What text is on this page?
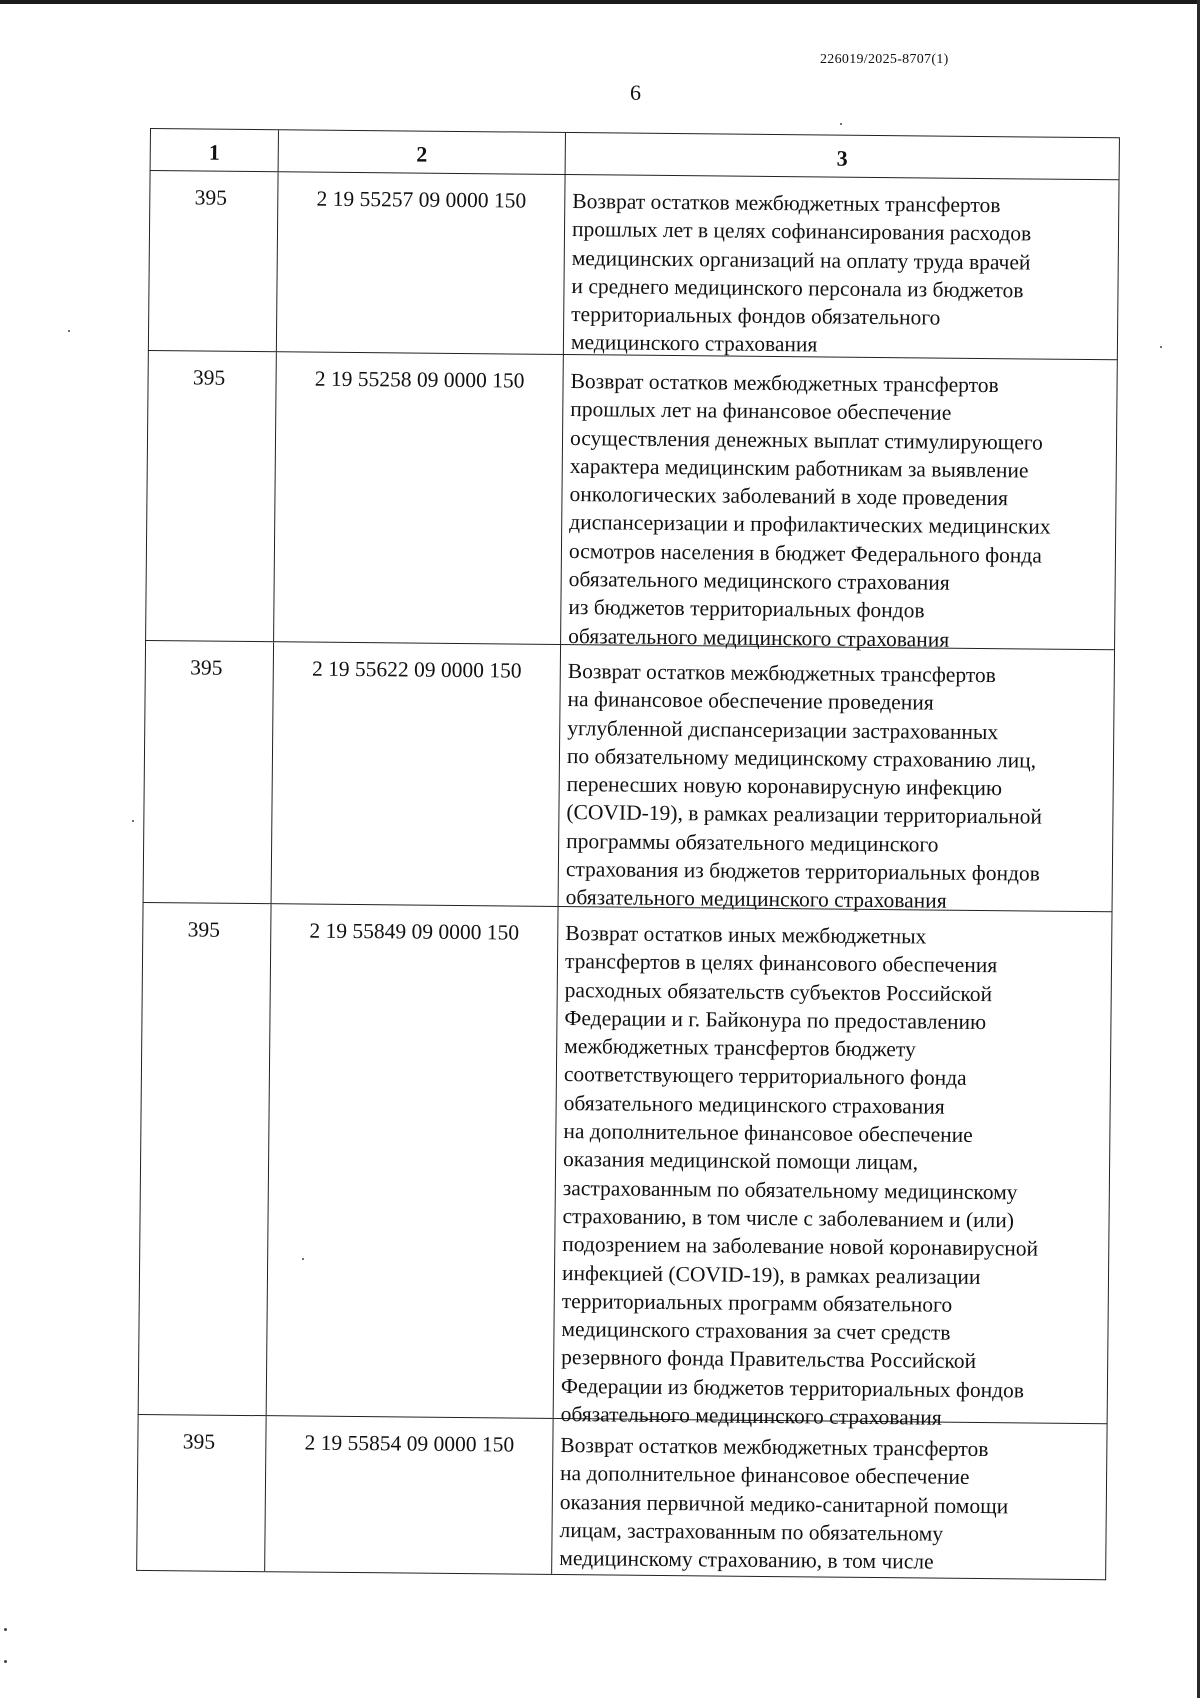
226019/2025-8707(1)
6
1	2	3
395	2 19 55257 09 0000 150	Возврат остатков межбюджетных трансфертов
прошлых лет в целях софинансирования расходов
медицинских организаций на оплату труда врачей
и среднего медицинского персонала из бюджетов
территориальных фондов обязательного
медицинского страхования
395	2 19 55258 09 0000 150	Возврат остатков межбюджетных трансфертов
прошлых лет на финансовое обеспечение
осуществления денежных выплат стимулирующего
характера медицинским работникам за выявление
онкологических заболеваний в ходе проведения
диспансеризации и профилактических медицинских
осмотров населения в бюджет Федерального фонда
обязательного медицинского страхования
из бюджетов территориальных фондов
обязательного медицинского страхования
395	2 19 55622 09 0000 150	Возврат остатков межбюджетных трансфертов
на финансовое обеспечение проведения
углубленной диспансеризации застрахованных
по обязательному медицинскому страхованию лиц,
перенесших новую коронавирусную инфекцию
(COVID-19), в рамках реализации территориальной
программы обязательного медицинского
страхования из бюджетов территориальных фондов
обязательного медицинского страхования
395	2 19 55849 09 0000 150	Возврат остатков иных межбюджетных
трансфертов в целях финансового обеспечения
расходных обязательств субъектов Российской
Федерации и г. Байконура по предоставлению
межбюджетных трансфертов бюджету
соответствующего территориального фонда
обязательного медицинского страхования
на дополнительное финансовое обеспечение
оказания медицинской помощи лицам,
застрахованным по обязательному медицинскому
страхованию, в том числе с заболеванием и (или)
подозрением на заболевание новой коронавирусной
инфекцией (COVID-19), в рамках реализации
территориальных программ обязательного
медицинского страхования за счет средств
резервного фонда Правительства Российской
Федерации из бюджетов территориальных фондов
обязательного медицинского страхования
395	2 19 55854 09 0000 150	Возврат остатков межбюджетных трансфертов
на дополнительное финансовое обеспечение
оказания первичной медико-санитарной помощи
лицам, застрахованным по обязательному
медицинскому страхованию, в том числе
